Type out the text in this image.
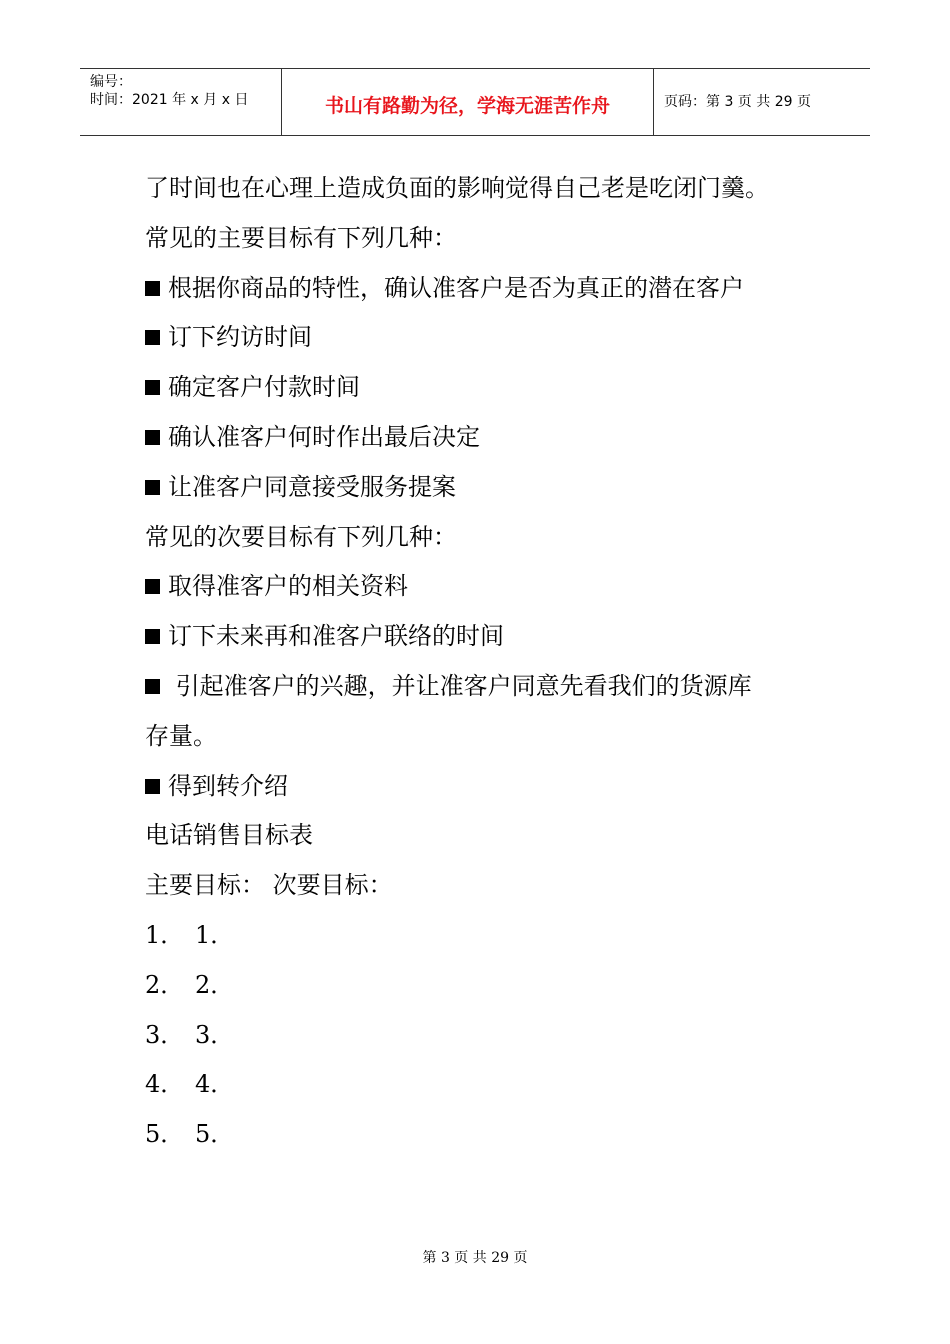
编号：
时间：2021 年 x 月 x 日	书山有路勤为径，学海无涯苦作舟	页码：第 3 页 共 29 页
了时间也在心理上造成负面的影响觉得自己老是吃闭门羹。
常见的主要目标有下列几种：
根据你商品的特性，确认准客户是否为真正的潜在客户
订下约访时间
确定客户付款时间
确认准客户何时作出最后决定
让准客户同意接受服务提案
常见的次要目标有下列几种：
取得准客户的相关资料
订下未来再和准客户联络的时间
引起准客户的兴趣，并让准客户同意先看我们的货源库
存量。
得到转介绍
电话销售目标表
主要目标： 次要目标：
1． 1．
2． 2．
3． 3．
4． 4．
5． 5．
第 3 页 共 29 页
